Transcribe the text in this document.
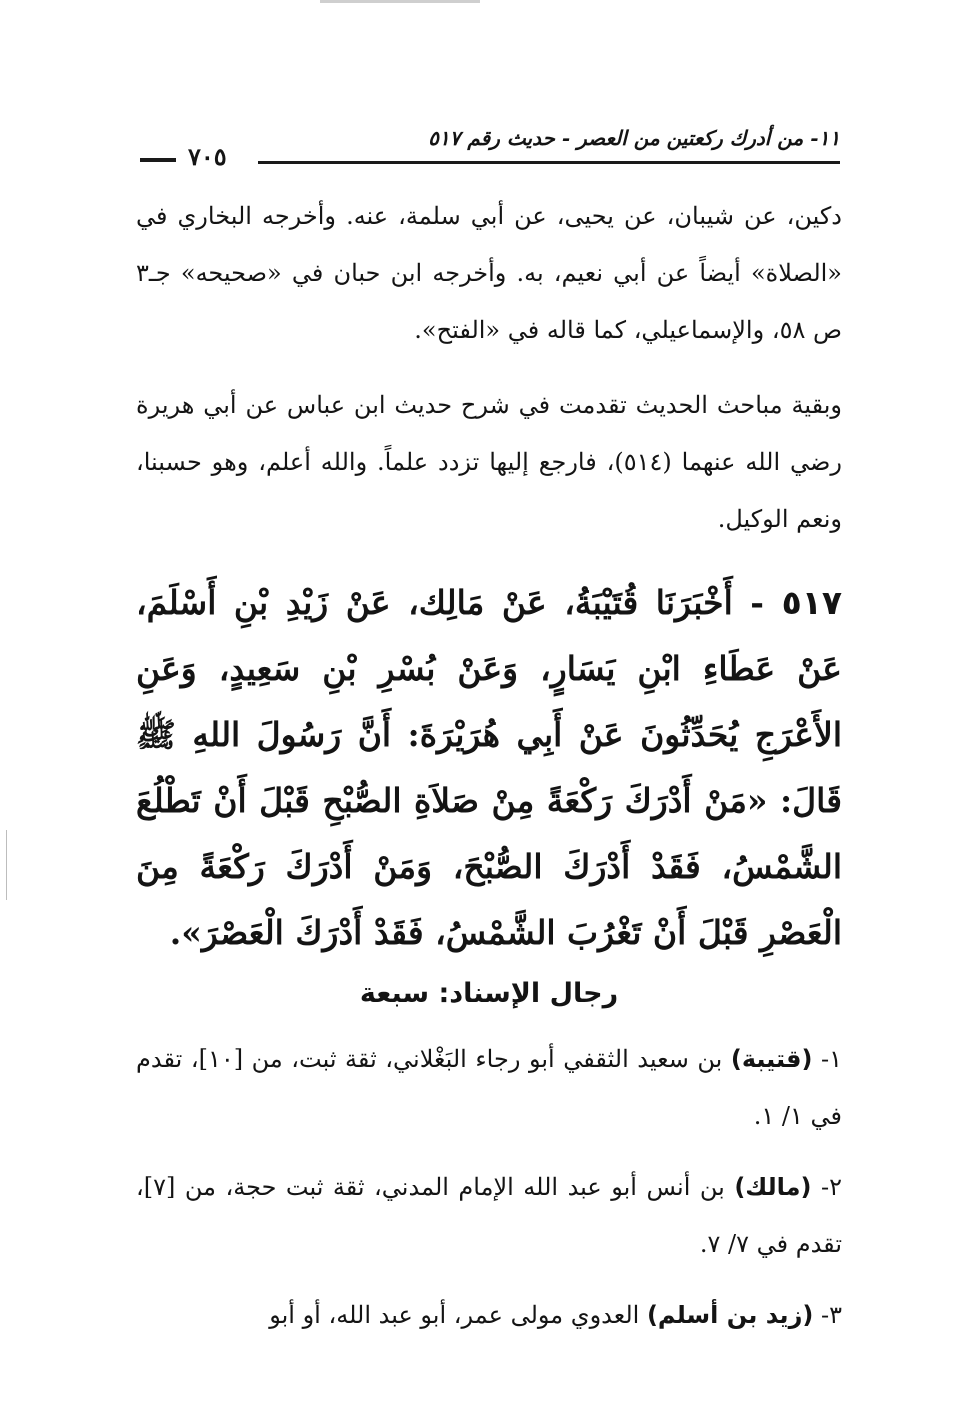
٧٠٥
١١- من أدرك ركعتين من العصر - حديث رقم ٥١٧

دكين، عن شيبان، عن يحيى، عن أبي سلمة، عنه. وأخرجه البخاري في «الصلاة» أيضاً عن أبي نعيم، به. وأخرجه ابن حبان في «صحيحه» جـ٣ ص ٥٨، والإسماعيلي، كما قاله في «الفتح».

وبقية مباحث الحديث تقدمت في شرح حديث ابن عباس عن أبي هريرة رضي الله عنهما (٥١٤)، فارجع إليها تزدد علماً. والله أعلم، وهو حسبنا، ونعم الوكيل.

٥١٧ - أَخْبَرَنَا قُتَيْبَةُ، عَنْ مَالِك، عَنْ زَيْدِ بْنِ أَسْلَمَ، عَنْ عَطَاءِ ابْنِ يَسَارٍ، وَعَنْ بُسْرِ بْنِ سَعِيدٍ، وَعَنِ الأَعْرَجِ يُحَدِّثُونَ عَنْ أَبِي هُرَيْرَةَ: أَنَّ رَسُولَ اللهِ ﷺ قَالَ: «مَنْ أَدْرَكَ رَكْعَةً مِنْ صَلاَةِ الصُّبْحِ قَبْلَ أَنْ تَطْلُعَ الشَّمْسُ، فَقَدْ أَدْرَكَ الصُّبْحَ، وَمَنْ أَدْرَكَ رَكْعَةً مِنَ الْعَصْرِ قَبْلَ أَنْ تَغْرُبَ الشَّمْسُ، فَقَدْ أَدْرَكَ الْعَصْرَ».

رجال الإسناد: سبعة

١- (قتيبة) بن سعيد الثقفي أبو رجاء البَغْلاني، ثقة ثبت، من [١٠]، تقدم في ١/ ١.

٢- (مالك) بن أنس أبو عبد الله الإمام المدني، ثقة ثبت حجة، من [٧]، تقدم في ٧/ ٧.

٣- (زيد بن أسلم) العدوي مولى عمر، أبو عبد الله، أو أبو
